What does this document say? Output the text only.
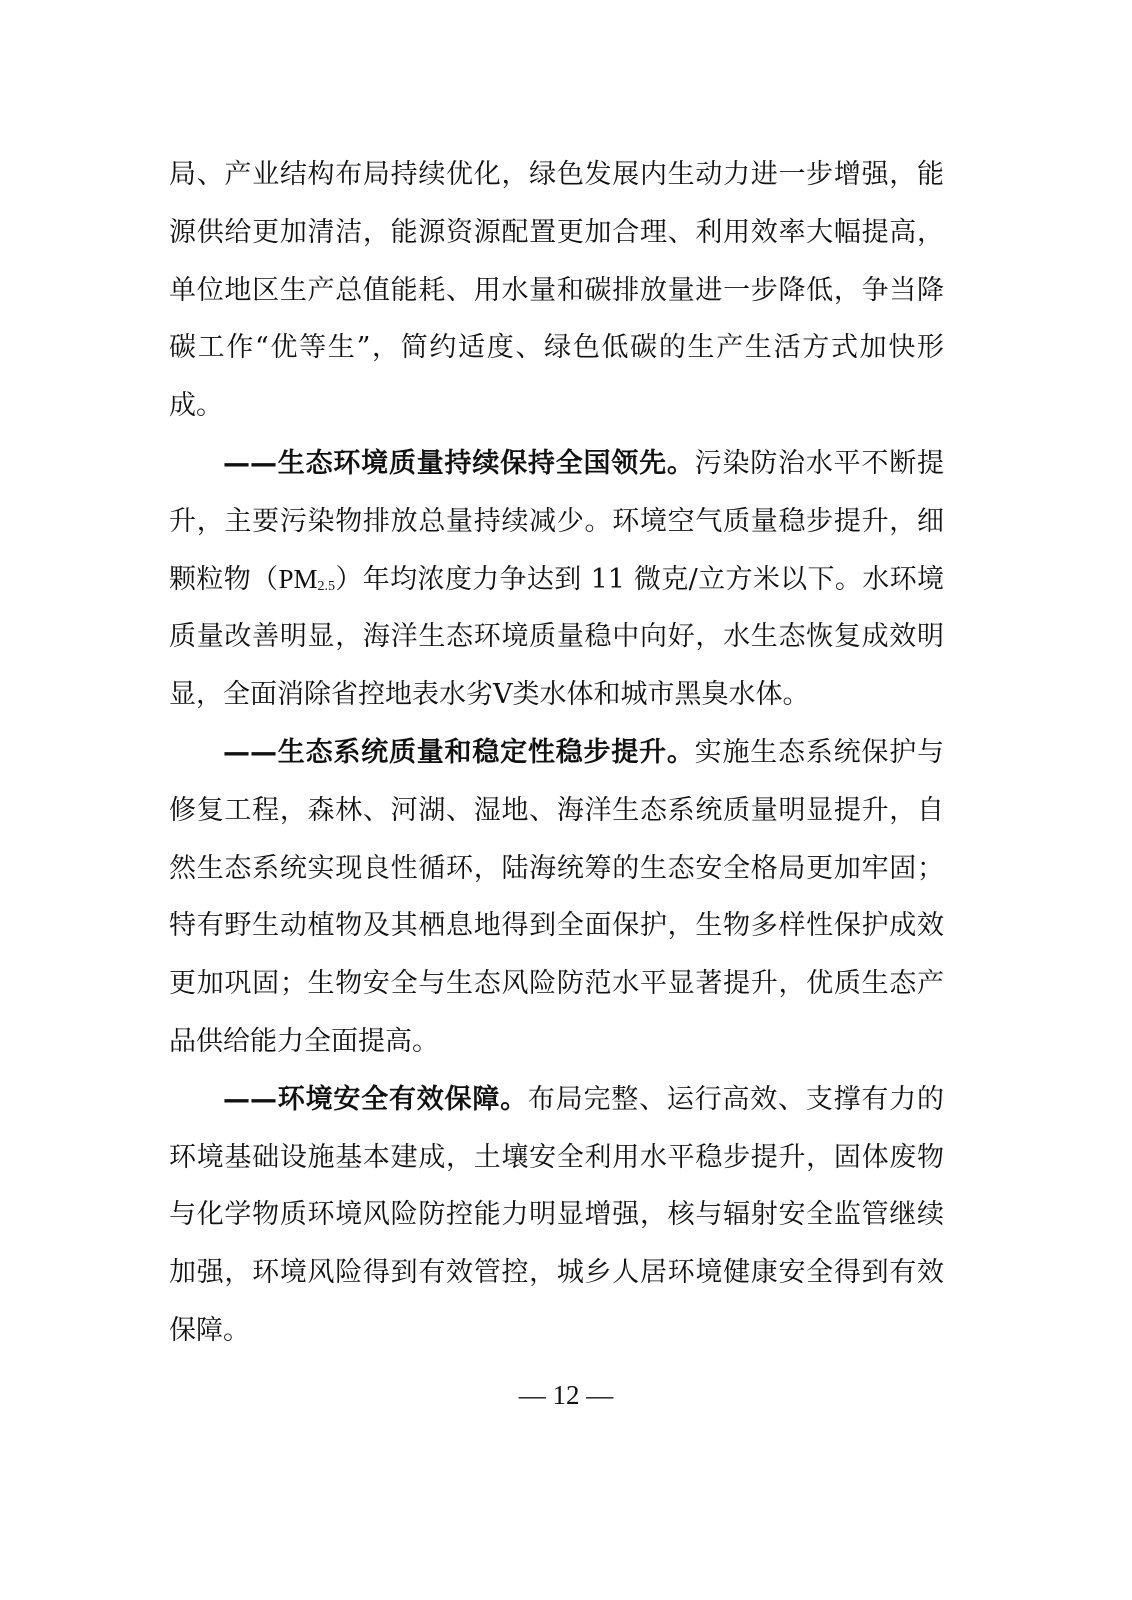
局、产业结构布局持续优化，绿色发展内生动力进一步增强，能
源供给更加清洁，能源资源配置更加合理、利用效率大幅提高，
单位地区生产总值能耗、用水量和碳排放量进一步降低，争当降
碳工作“优等生”，简约适度、绿色低碳的生产生活方式加快形
成。
——生态环境质量持续保持全国领先。污染防治水平不断提
升，主要污染物排放总量持续减少。环境空气质量稳步提升，细
颗粒物（PM2.5）年均浓度力争达到 11 微克/立方米以下。水环境
质量改善明显，海洋生态环境质量稳中向好，水生态恢复成效明
显，全面消除省控地表水劣Ⅴ类水体和城市黑臭水体。
——生态系统质量和稳定性稳步提升。实施生态系统保护与
修复工程，森林、河湖、湿地、海洋生态系统质量明显提升，自
然生态系统实现良性循环，陆海统筹的生态安全格局更加牢固；
特有野生动植物及其栖息地得到全面保护，生物多样性保护成效
更加巩固；生物安全与生态风险防范水平显著提升，优质生态产
品供给能力全面提高。
——环境安全有效保障。布局完整、运行高效、支撑有力的
环境基础设施基本建成，土壤安全利用水平稳步提升，固体废物
与化学物质环境风险防控能力明显增强，核与辐射安全监管继续
加强，环境风险得到有效管控，城乡人居环境健康安全得到有效
保障。
— 12 —
